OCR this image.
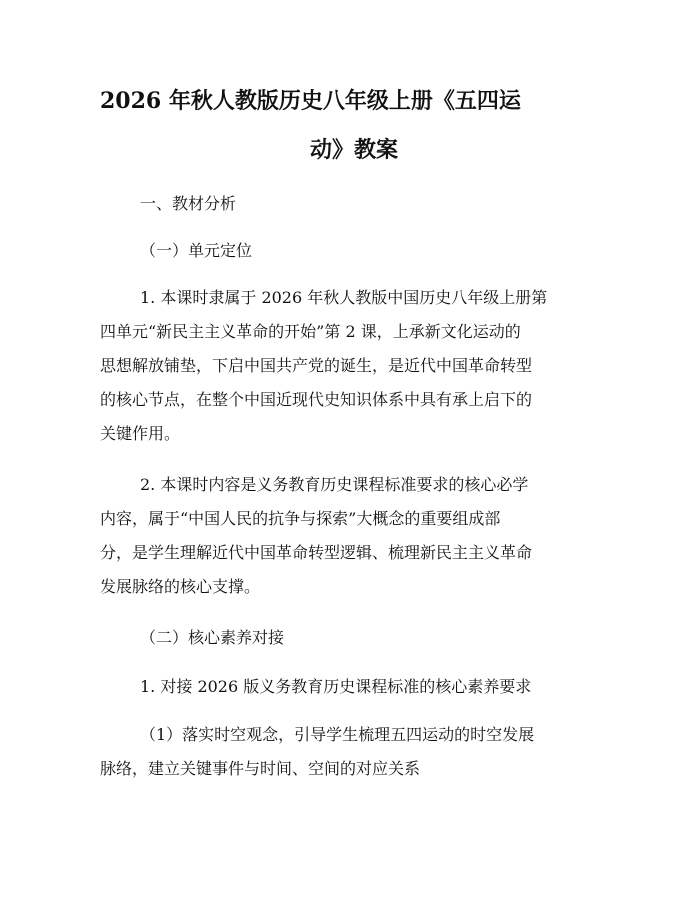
2026 年秋人教版历史八年级上册《五四运
动》教案

一、教材分析

（一）单元定位

1. 本课时隶属于 2026 年秋人教版中国历史八年级上册第
四单元“新民主主义革命的开始”第 2 课，上承新文化运动的
思想解放铺垫，下启中国共产党的诞生，是近代中国革命转型
的核心节点，在整个中国近现代史知识体系中具有承上启下的
关键作用。
2. 本课时内容是义务教育历史课程标准要求的核心必学
内容，属于“中国人民的抗争与探索”大概念的重要组成部
分，是学生理解近代中国革命转型逻辑、梳理新民主主义革命
发展脉络的核心支撑。

（二）核心素养对接

1. 对接 2026 版义务教育历史课程标准的核心素养要求

（1）落实时空观念，引导学生梳理五四运动的时空发展
脉络，建立关键事件与时间、空间的对应关系
